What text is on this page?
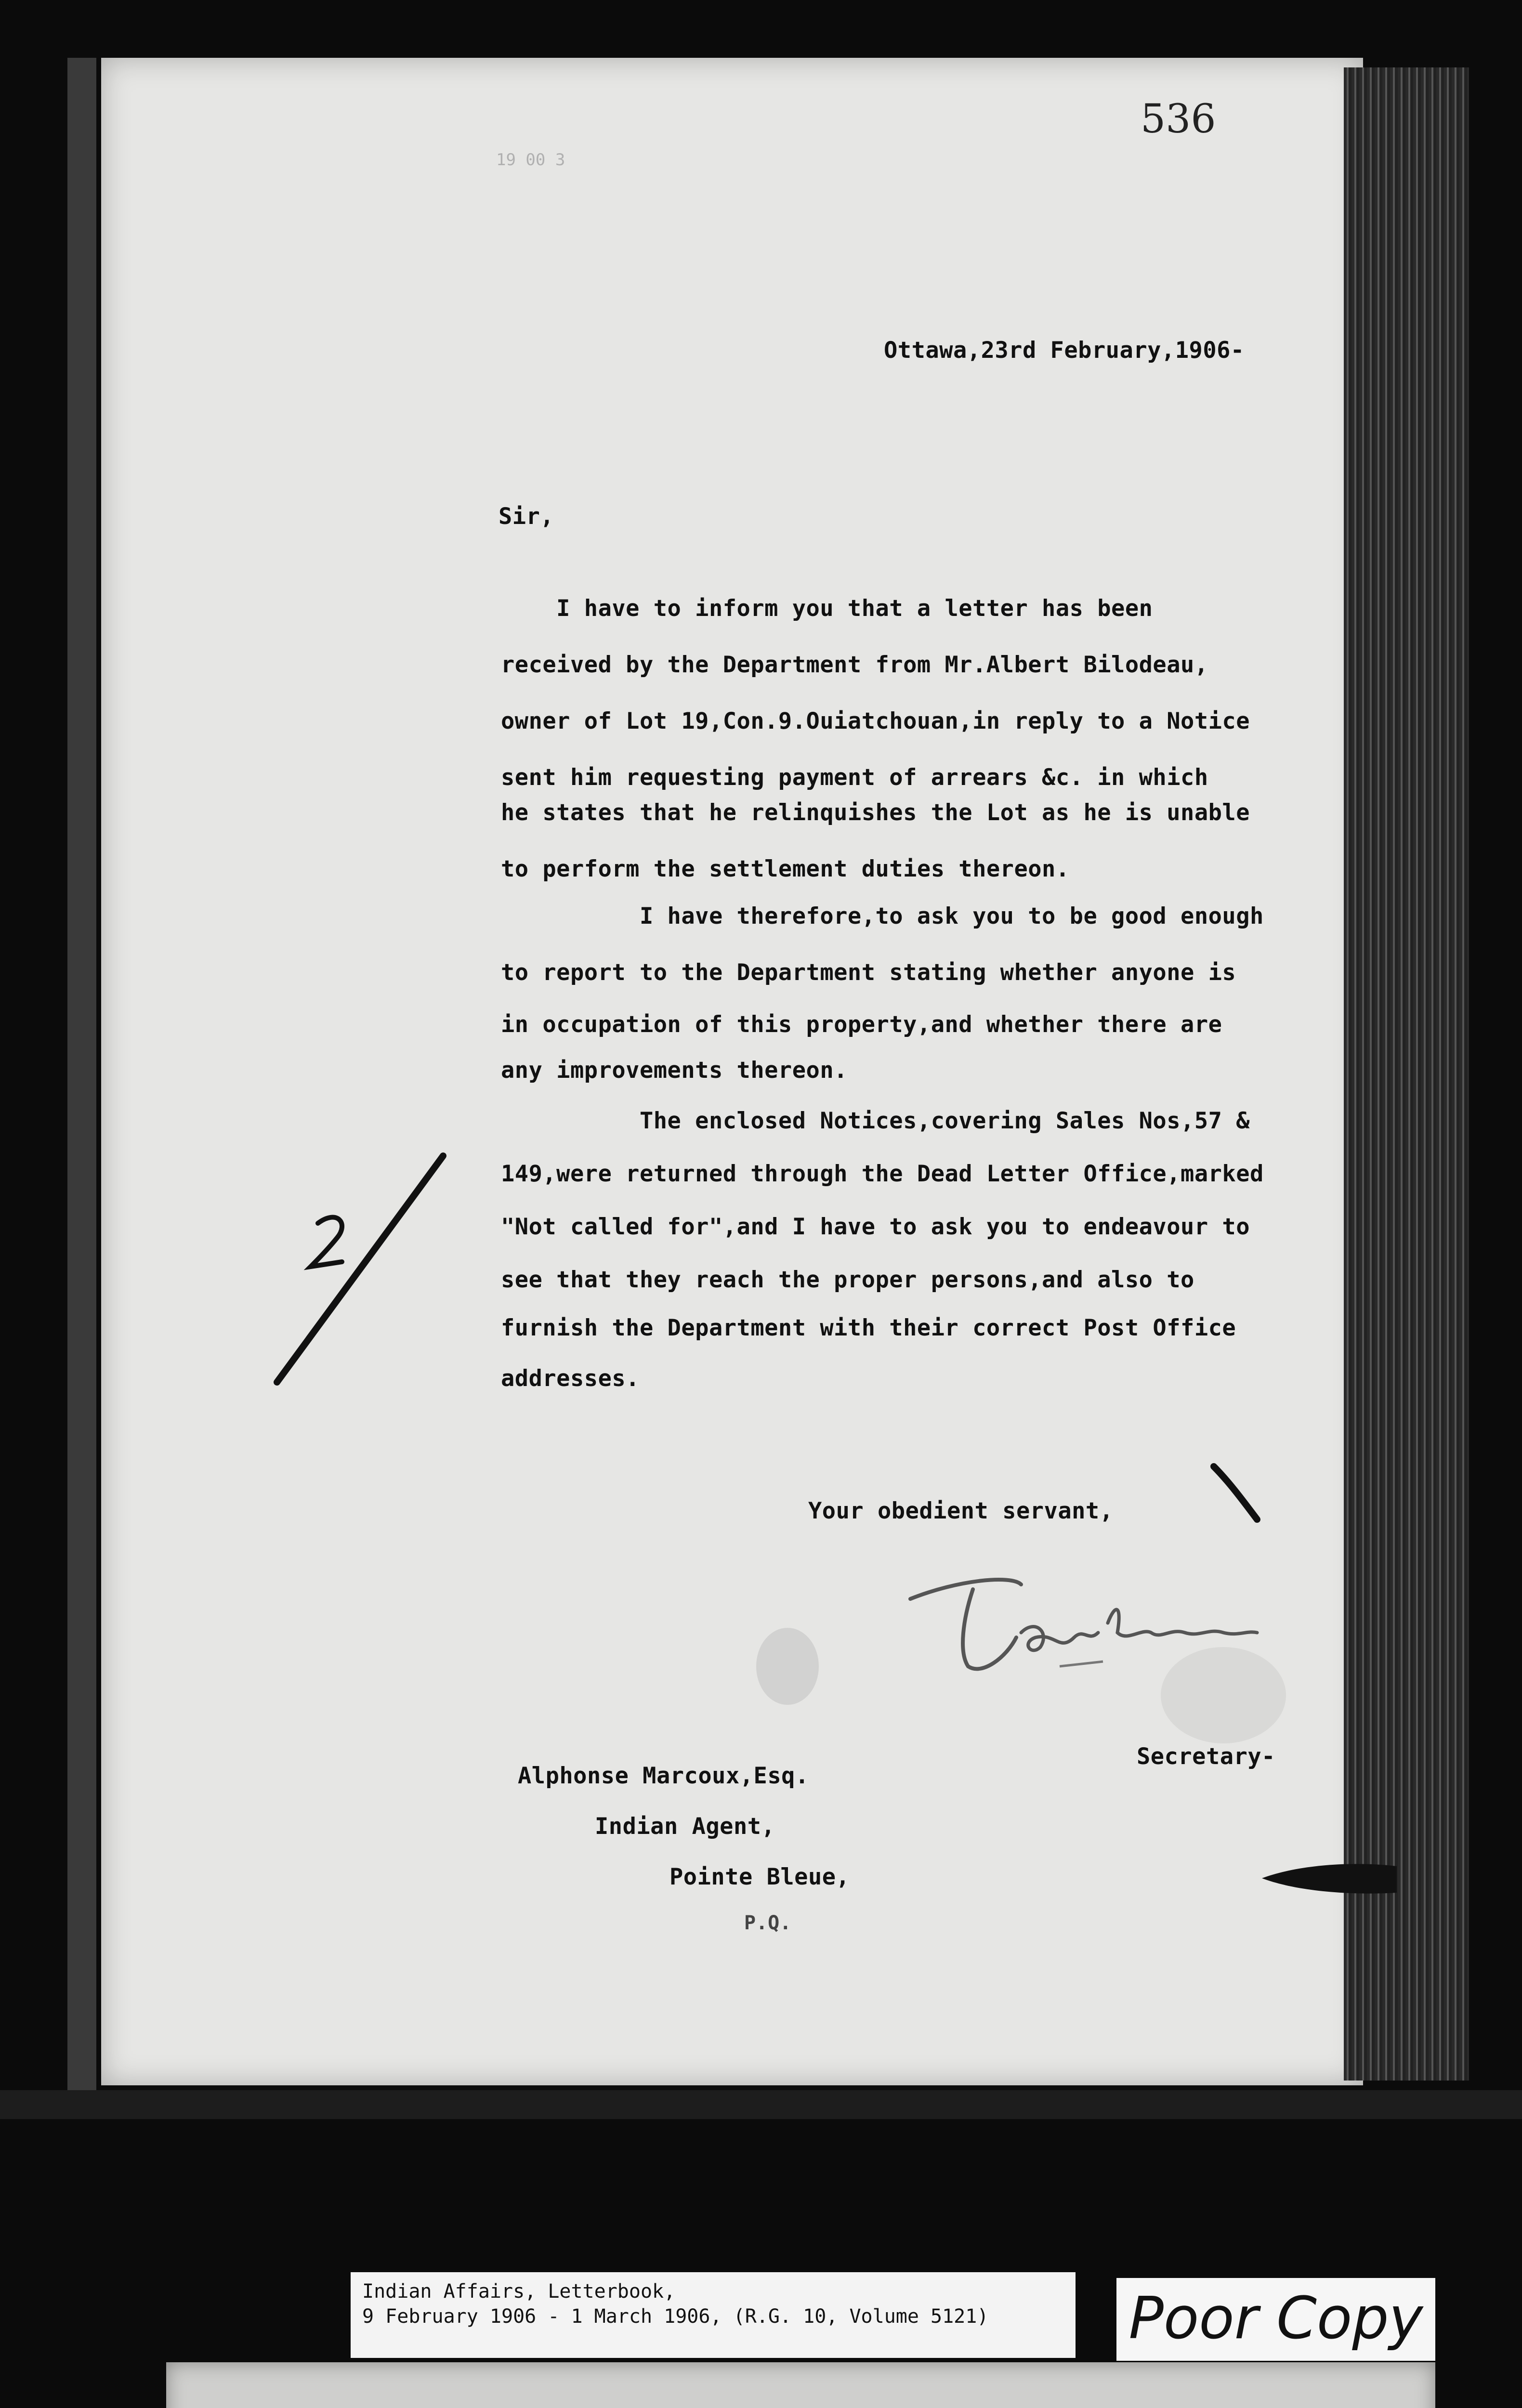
536
19 00 3
Ottawa,23rd February,1906-
Sir,
I have to inform you that a letter has been
received by the Department from Mr.Albert Bilodeau,
owner of Lot 19,Con.9.Ouiatchouan,in reply to a Notice
sent him requesting payment of arrears &c. in which
he states that he relinquishes the Lot as he is unable
to perform the settlement duties thereon.
I have therefore,to ask you to be good enough
to report to the Department stating whether anyone is
in occupation of this property,and whether there are
any improvements thereon.
The enclosed Notices,covering Sales Nos,57 &
149,were returned through the Dead Letter Office,marked
"Not called for",and I have to ask you to endeavour to
see that they reach the proper persons,and also to
furnish the Department with their correct Post Office
addresses.
Your obedient servant,
Secretary-
Alphonse Marcoux,Esq.
Indian Agent,
Pointe Bleue,
P.Q.
Indian Affairs, Letterbook,
9 February 1906 - 1 March 1906, (R.G. 10, Volume 5121)	Poor Copy
